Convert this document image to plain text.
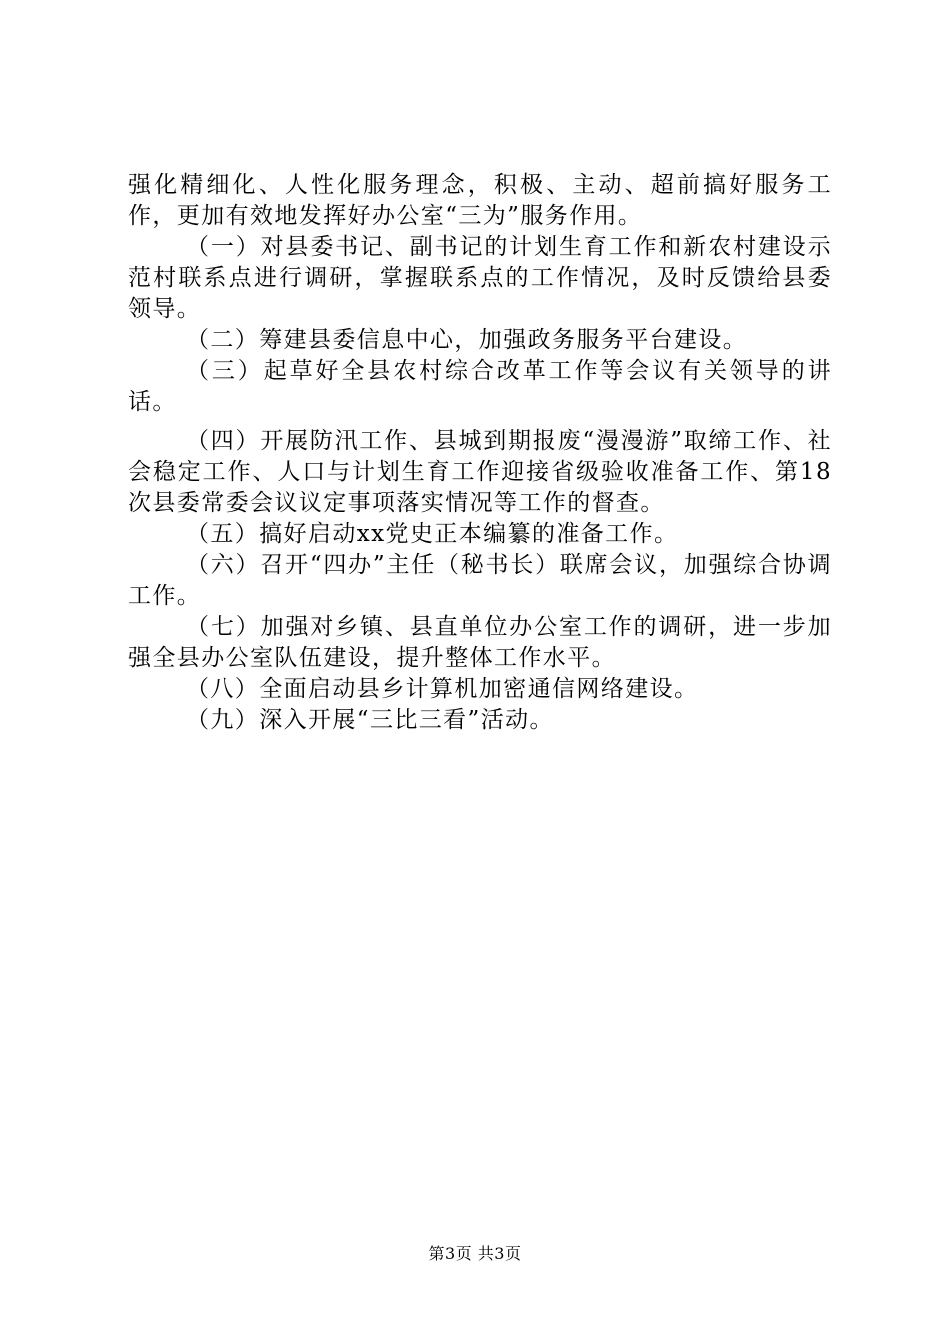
强化精细化、人性化服务理念，积极、主动、超前搞好服务工作，更加有效地发挥好办公室“三为”服务作用。

（一）对县委书记、副书记的计划生育工作和新农村建设示范村联系点进行调研，掌握联系点的工作情况，及时反馈给县委领导。

（二）筹建县委信息中心，加强政务服务平台建设。

（三）起草好全县农村综合改革工作等会议有关领导的讲话。

（四）开展防汛工作、县城到期报废“漫漫游”取缔工作、社会稳定工作、人口与计划生育工作迎接省级验收准备工作、第18次县委常委会议议定事项落实情况等工作的督查。

（五）搞好启动xx党史正本编纂的准备工作。

（六）召开“四办”主任（秘书长）联席会议，加强综合协调工作。

（七）加强对乡镇、县直单位办公室工作的调研，进一步加强全县办公室队伍建设，提升整体工作水平。

（八）全面启动县乡计算机加密通信网络建设。

（九）深入开展“三比三看”活动。

第3页 共3页
